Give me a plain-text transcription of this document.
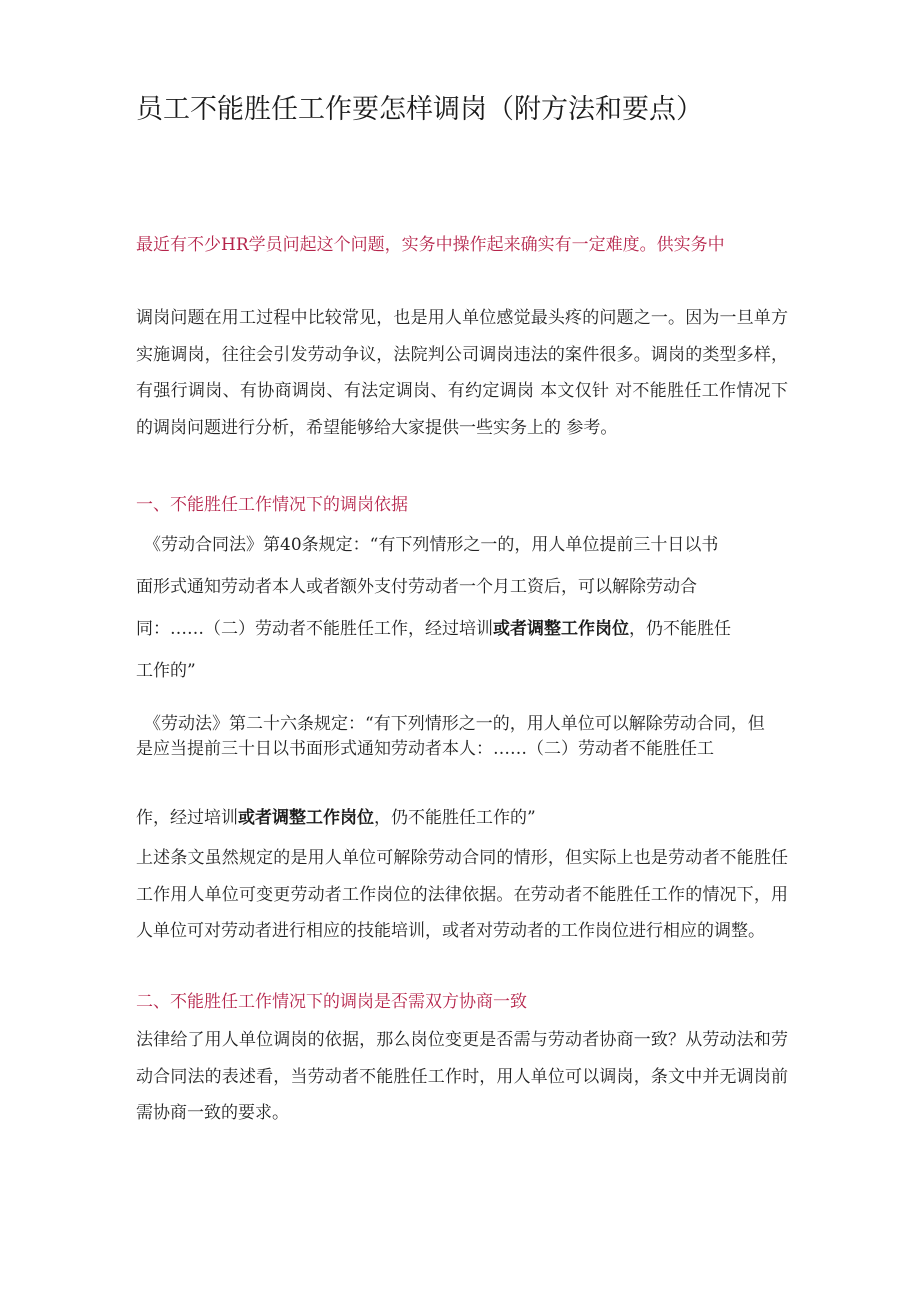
员工不能胜任工作要怎样调岗（附方法和要点）
最近有不少HR学员问起这个问题，实务中操作起来确实有一定难度。供实务中
调岗问题在用工过程中比较常见，也是用人单位感觉最头疼的问题之一。因为一旦单方实施调岗，往往会引发劳动争议，法院判公司调岗违法的案件很多。调岗的类型多样，有强行调岗、有协商调岗、有法定调岗、有约定调岗 本文仅针 对不能胜任工作情况下的调岗问题进行分析，希望能够给大家提供一些实务上的 参考。
一、不能胜任工作情况下的调岗依据
《劳动合同法》第40条规定：“有下列情形之一的，用人单位提前三十日以书
面形式通知劳动者本人或者额外支付劳动者一个月工资后，可以解除劳动合
同：……（二）劳动者不能胜任工作，经过培训或者调整工作岗位，仍不能胜任
工作的”
《劳动法》第二十六条规定：“有下列情形之一的，用人单位可以解除劳动合同，但是应当提前三十日以书面形式通知劳动者本人：……（二）劳动者不能胜任工
作，经过培训或者调整工作岗位，仍不能胜任工作的”
上述条文虽然规定的是用人单位可解除劳动合同的情形，但实际上也是劳动者不能胜任工作用人单位可变更劳动者工作岗位的法律依据。在劳动者不能胜任工作的情况下，用人单位可对劳动者进行相应的技能培训，或者对劳动者的工作岗位进行相应的调整。
二、不能胜任工作情况下的调岗是否需双方协商一致
法律给了用人单位调岗的依据，那么岗位变更是否需与劳动者协商一致？从劳动法和劳动合同法的表述看，当劳动者不能胜任工作时，用人单位可以调岗，条文中并无调岗前需协商一致的要求。
